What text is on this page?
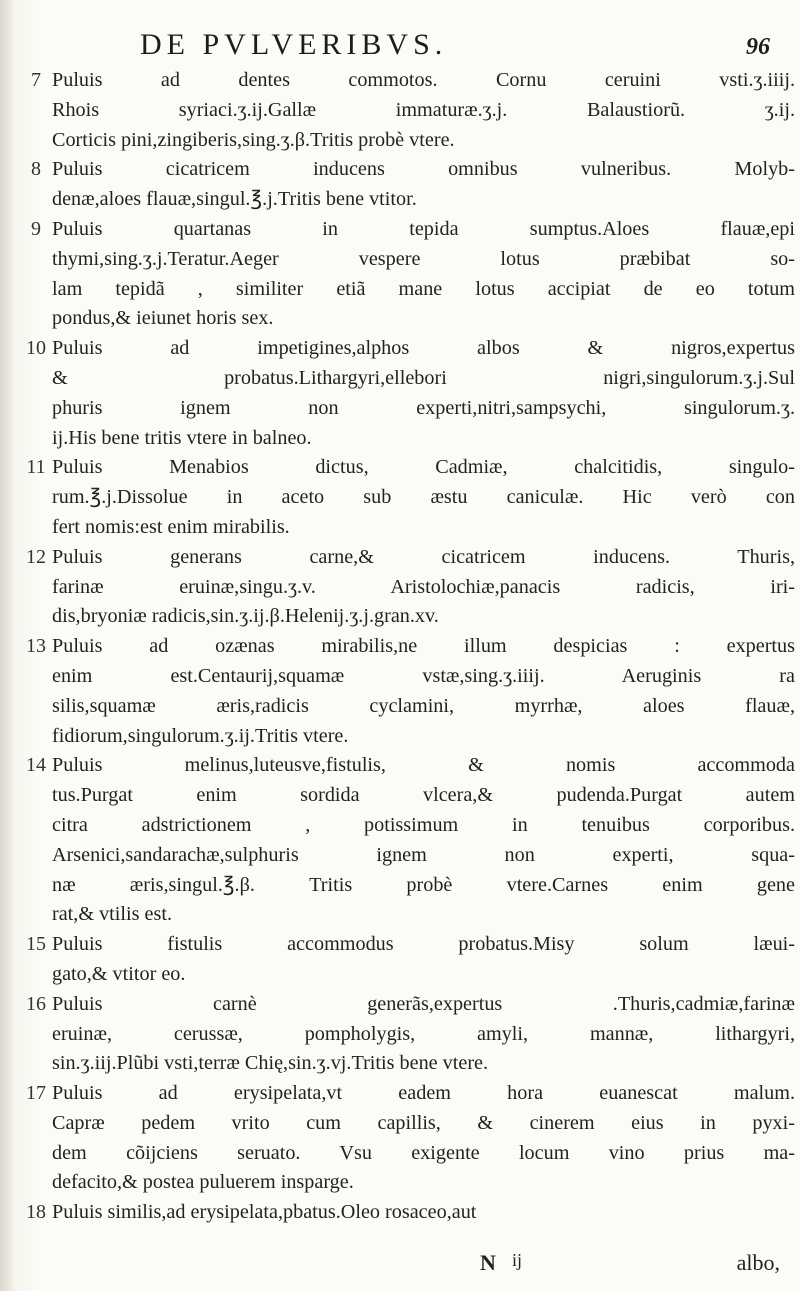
DE PVLVERIBVS.	96
7 Puluis ad dentes commotos. Cornu ceruini vsti.ʒ.iiij.
Rhois syriaci.ʒ.ij.Gallæ immaturæ.ʒ.j. Balaustiorũ. ʒ.ij.
Corticis pini,zingiberis,sing.ʒ.β.Tritis probè vtere.
8 Puluis cicatricem inducens omnibus vulneribus. Molyb-
denæ,aloes flauæ,singul.℥.j.Tritis bene vtitor.
9 Puluis quartanas in tepida sumptus.Aloes flauæ,epi
thymi,sing.ʒ.j.Teratur.Aeger vespere lotus præbibat so-
lam tepidã , similiter etiã mane lotus accipiat de eo totum
pondus,& ieiunet horis sex.
10 Puluis ad impetigines,alphos albos & nigros,expertus
& probatus.Lithargyri,ellebori nigri,singulorum.ʒ.j.Sul
phuris ignem non experti,nitri,sampsychi, singulorum.ʒ.
ij.His bene tritis vtere in balneo.
11 Puluis Menabios dictus, Cadmiæ, chalcitidis, singulo-
rum.℥.j.Dissolue in aceto sub æstu caniculæ. Hic verò con
fert nomis:est enim mirabilis.
12 Puluis generans carne,& cicatricem inducens. Thuris,
farinæ eruinæ,singu.ʒ.v. Aristolochiæ,panacis radicis, iri-
dis,bryoniæ radicis,sin.ʒ.ij.β.Helenij.ʒ.j.gran.xv.
13 Puluis ad ozænas mirabilis,ne illum despicias : expertus
enim est.Centaurij,squamæ vstæ,sing.ʒ.iiij. Aeruginis ra
silis,squamæ æris,radicis cyclamini, myrrhæ, aloes flauæ,
fidiorum,singulorum.ʒ.ij.Tritis vtere.
14 Puluis melinus,luteusve,fistulis, & nomis accommoda
tus.Purgat enim sordida vlcera,& pudenda.Purgat autem
citra adstrictionem , potissimum in tenuibus corporibus.
Arsenici,sandarachæ,sulphuris ignem non experti, squa-
næ æris,singul.℥.β. Tritis probè vtere.Carnes enim gene
rat,& vtilis est.
15 Puluis fistulis accommodus probatus.Misy solum læui-
gato,& vtitor eo.
16 Puluis carnè generãs,expertus .Thuris,cadmiæ,farinæ
eruinæ, cerussæ, pompholygis, amyli, mannæ, lithargyri,
sin.ʒ.iij.Plũbi vsti,terræ Chię,sin.ʒ.vj.Tritis bene vtere.
17 Puluis ad erysipelata,vt eadem hora euanescat malum.
Capræ pedem vrito cum capillis, & cinerem eius in pyxi-
dem cõijciens seruato. Vsu exigente locum vino prius ma-
defacito,& postea puluerem insparge.
18 Puluis similis,ad erysipelata,pbatus.Oleo rosaceo,aut
N ij	albo,
